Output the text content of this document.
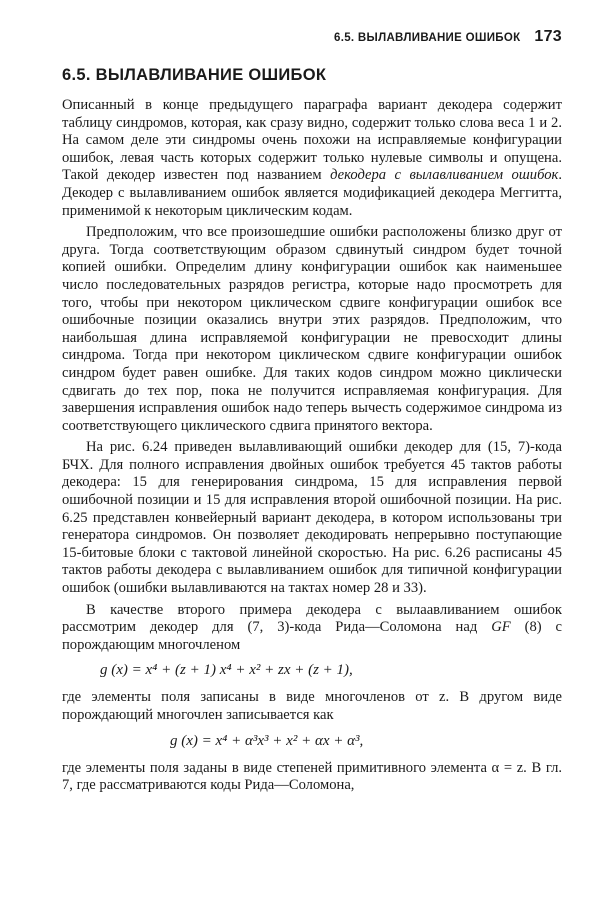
6.5. ВЫЛАВЛИВАНИЕ ОШИБОК 173
6.5. ВЫЛАВЛИВАНИЕ ОШИБОК

Описанный в конце предыдущего параграфа вариант декодера содержит таблицу синдромов, которая, как сразу видно, содержит только слова веса 1 и 2. На самом деле эти синдромы очень похожи на исправляемые конфигурации ошибок, левая часть которых содержит только нулевые символы и опущена. Такой декодер известен под названием декодера с вылавливанием ошибок. Декодер с вылавливанием ошибок является модификацией декодера Меггитта, применимой к некоторым циклическим кодам.

Предположим, что все произошедшие ошибки расположены близко друг от друга. Тогда соответствующим образом сдвинутый синдром будет точной копией ошибки. Определим длину конфигурации ошибок как наименьшее число последовательных разрядов регистра, которые надо просмотреть для того, чтобы при некотором циклическом сдвиге конфигурации ошибок все ошибочные позиции оказались внутри этих разрядов. Предположим, что наибольшая длина исправляемой конфигурации не превосходит длины синдрома. Тогда при некотором циклическом сдвиге конфигурации ошибок синдром будет равен ошибке. Для таких кодов синдром можно циклически сдвигать до тех пор, пока не получится исправляемая конфигурация. Для завершения исправления ошибок надо теперь вычесть содержимое синдрома из соответствующего циклического сдвига принятого вектора.

На рис. 6.24 приведен вылавливающий ошибки декодер для (15, 7)-кода БЧХ. Для полного исправления двойных ошибок требуется 45 тактов работы декодера: 15 для генерирования синдрома, 15 для исправления первой ошибочной позиции и 15 для исправления второй ошибочной позиции. На рис. 6.25 представлен конвейерный вариант декодера, в котором использованы три генератора синдромов. Он позволяет декодировать непрерывно поступающие 15-битовые блоки с тактовой линейной скоростью. На рис. 6.26 расписаны 45 тактов работы декодера с вылавливанием ошибок для типичной конфигурации ошибок (ошибки вылавливаются на тактах номер 28 и 33).

В качестве второго примера декодера с вылаавливанием ошибок рассмотрим декодер для (7, 3)-кода Рида—Соломона над GF (8) с порождающим многочленом

g (x) = x⁴ + (z + 1) x⁴ + x² + zx + (z + 1),

где элементы поля записаны в виде многочленов от z. В другом виде порождающий многочлен записывается как

g (x) = x⁴ + α³x³ + x² + αx + α³,

где элементы поля заданы в виде степеней примитивного элемента α = z. В гл. 7, где рассматриваются коды Рида—Соломона,
